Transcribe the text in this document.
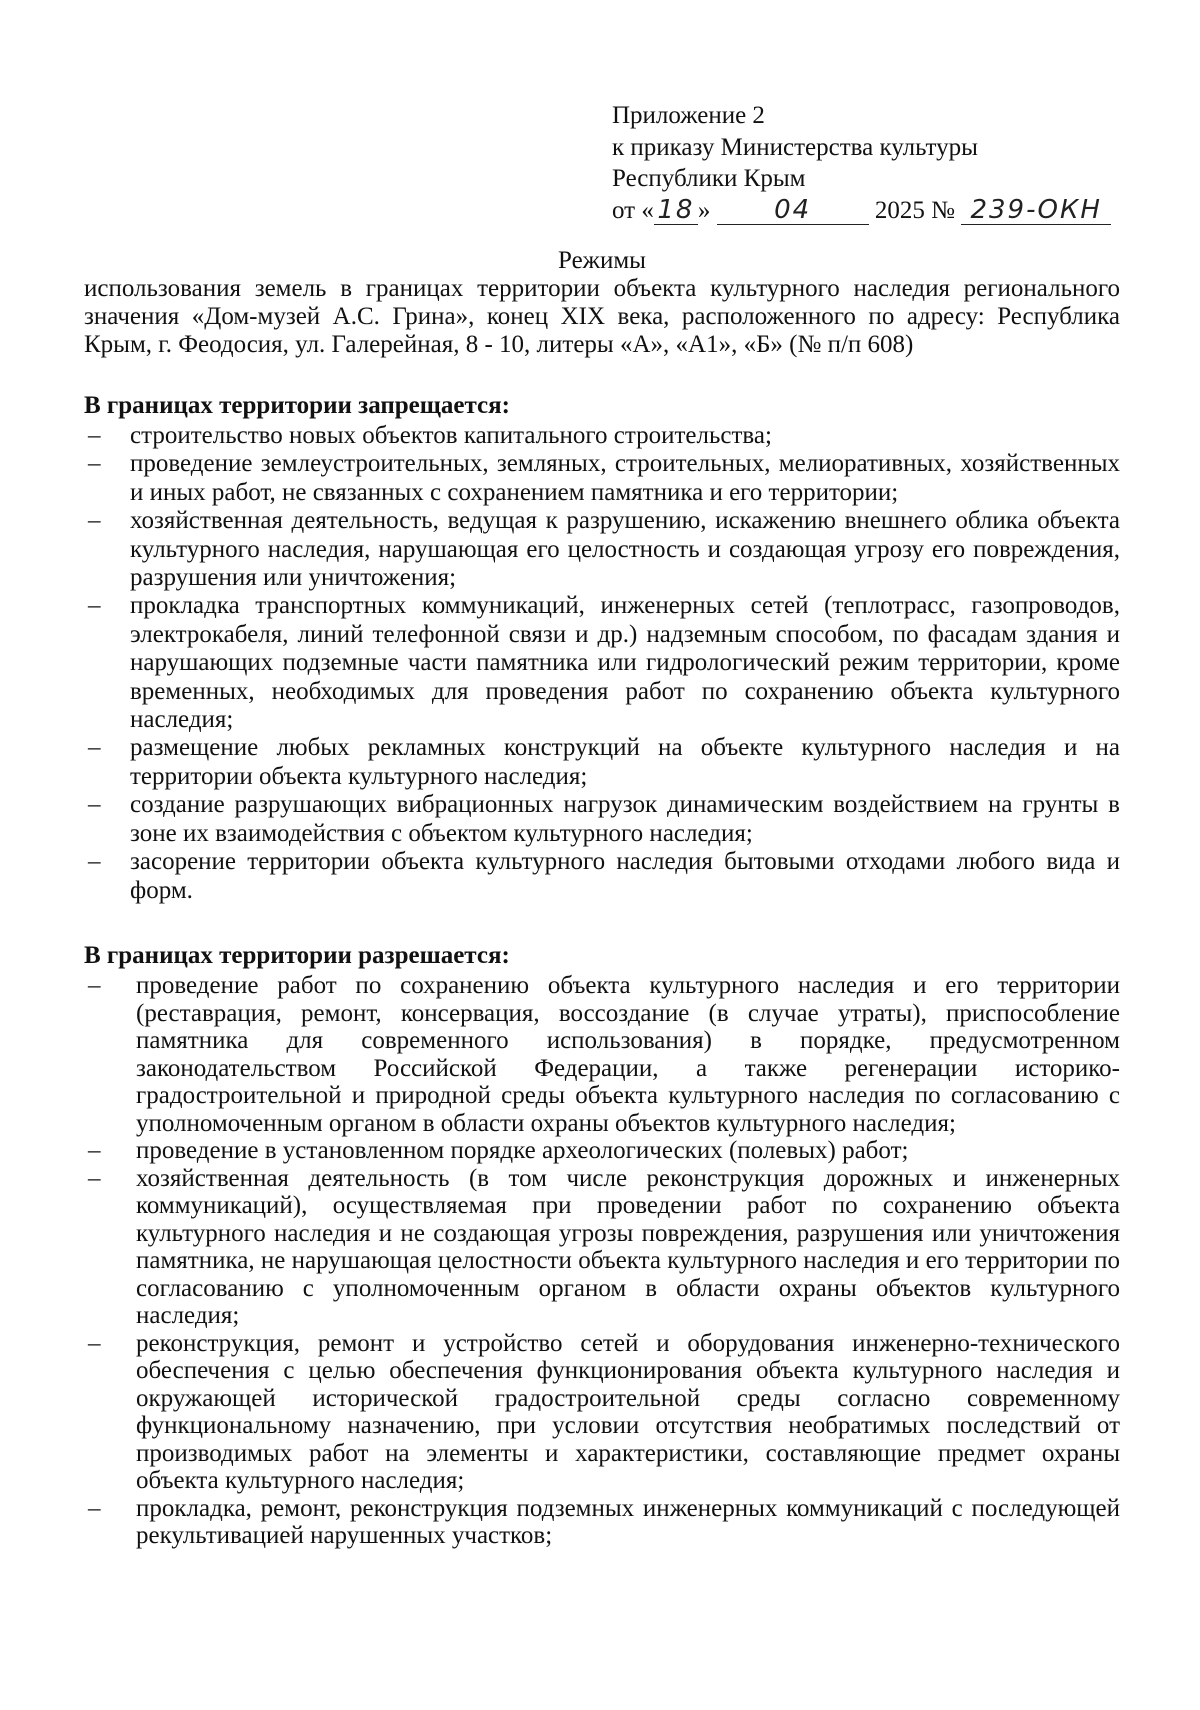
Приложение 2
к приказу Министерства культуры
Республики Крым
от « 18 » 04	2025 № 239-ОКН
Режимы
использования земель в границах территории объекта культурного наследия регионального значения «Дом-музей А.С. Грина», конец XIX века, расположенного по адресу: Республика Крым, г. Феодосия, ул. Галерейная, 8 - 10, литеры «А», «А1», «Б» (№ п/п 608)
В границах территории запрещается:
– строительство новых объектов капитального строительства;
– проведение землеустроительных, земляных, строительных, мелиоративных, хозяйственных и иных работ, не связанных с сохранением памятника и его территории;
– хозяйственная деятельность, ведущая к разрушению, искажению внешнего облика объекта культурного наследия, нарушающая его целостность и создающая угрозу его повреждения, разрушения или уничтожения;
– прокладка транспортных коммуникаций, инженерных сетей (теплотрасс, газопроводов, электрокабеля, линий телефонной связи и др.) надземным способом, по фасадам здания и нарушающих подземные части памятника или гидрологический режим территории, кроме временных, необходимых для проведения работ по сохранению объекта культурного наследия;
– размещение любых рекламных конструкций на объекте культурного наследия и на территории объекта культурного наследия;
– создание разрушающих вибрационных нагрузок динамическим воздействием на грунты в зоне их взаимодействия с объектом культурного наследия;
– засорение территории объекта культурного наследия бытовыми отходами любого вида и форм.
В границах территории разрешается:
– проведение работ по сохранению объекта культурного наследия и его территории (реставрация, ремонт, консервация, воссоздание (в случае утраты), приспособление памятника для современного использования) в порядке, предусмотренном законодательством Российской Федерации, а также регенерации историко-градостроительной и природной среды объекта культурного наследия по согласованию с уполномоченным органом в области охраны объектов культурного наследия;
– проведение в установленном порядке археологических (полевых) работ;
– хозяйственная деятельность (в том числе реконструкция дорожных и инженерных коммуникаций), осуществляемая при проведении работ по сохранению объекта культурного наследия и не создающая угрозы повреждения, разрушения или уничтожения памятника, не нарушающая целостности объекта культурного наследия и его территории по согласованию с уполномоченным органом в области охраны объектов культурного наследия;
– реконструкция, ремонт и устройство сетей и оборудования инженерно-технического обеспечения с целью обеспечения функционирования объекта культурного наследия и окружающей исторической градостроительной среды согласно современному функциональному назначению, при условии отсутствия необратимых последствий от производимых работ на элементы и характеристики, составляющие предмет охраны объекта культурного наследия;
– прокладка, ремонт, реконструкция подземных инженерных коммуникаций с последующей рекультивацией нарушенных участков;
